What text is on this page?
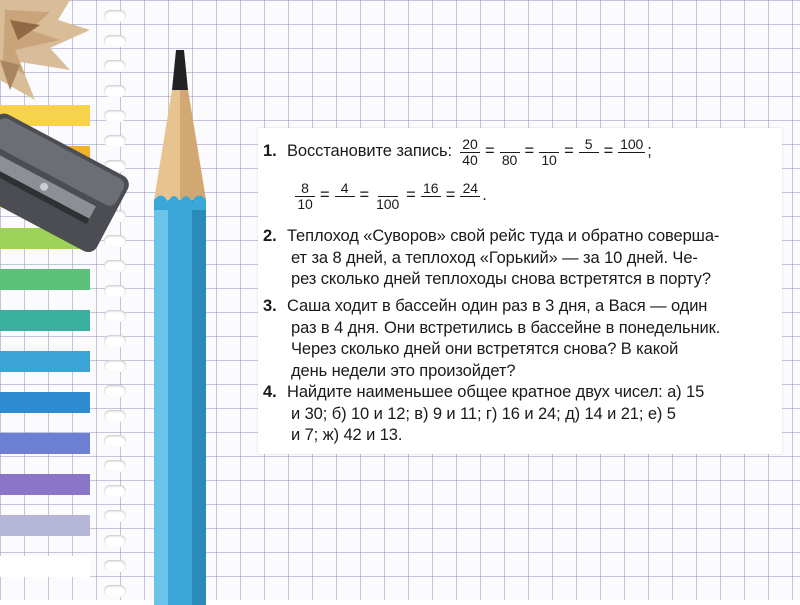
1. Восстановите запись: $\frac{20}{40}$ =
80 =
10 = 5
= 100
;
$\frac{8}{10} = 4$
=
100 = 16
= 24
.
2. Теплоход «Суворов» свой рейс туда и обратно соверша-
ет за 8 дней, а теплоход «Горький» — за 10 дней. Че-
рез сколько дней теплоходы снова встретятся в порту?
3. Саша ходит в бассейн один раз в 3 дня, а Вася — один
раз в 4 дня. Они встретились в бассейне в понедельник.
Через сколько дней они встретятся снова? В какой
день недели это произойдет?
4. Найдите наименьшее общее кратное двух чисел: а) 15
и 30; б) 10 и 12; в) 9 и 11; г) 16 и 24; д) 14 и 21; е) 5
и 7; ж) 42 и 13.
